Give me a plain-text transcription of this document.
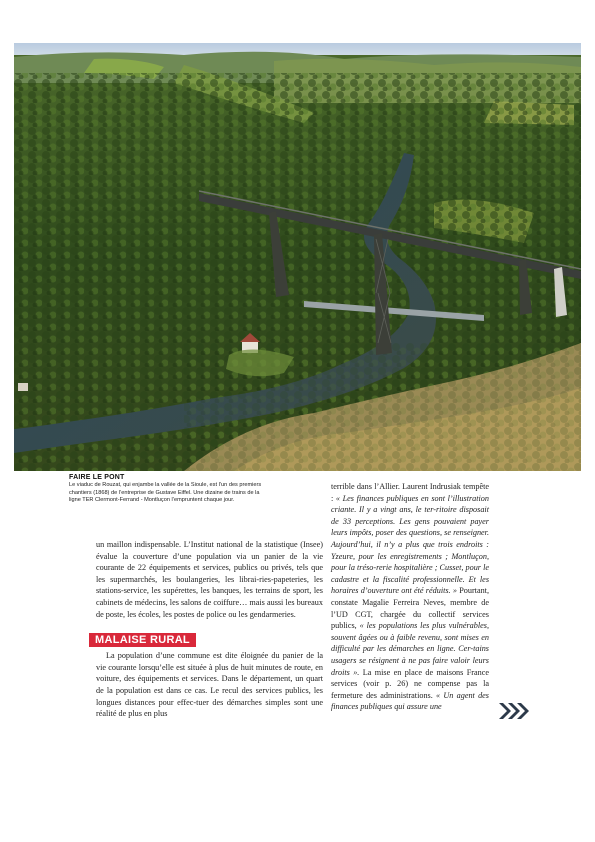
FAIRE LE PONT
Le viaduc de Rouzat, qui enjambe la vallée de la Sioule, est l’un des premiers chantiers (1868) de l’entreprise de Gustave Eiffel. Une dizaine de trains de la ligne TER Clermont-Ferrand - Montluçon l’empruntent chaque jour.

un maillon indispensable. L’Institut national de la statistique (Insee) évalue la couverture d’une population via un panier de la vie courante de 22 équipements et services, publics ou privés, tels que les supermarchés, les boulangeries, les librai-ries-papeteries, les stations-service, les supérettes, les banques, les terrains de sport, les cabinets de médecins, les salons de coiffure… mais aussi les bureaux de poste, les écoles, les postes de police ou les gendarmeries.

MALAISE RURAL

La population d’une commune est dite éloignée du panier de la vie courante lorsqu’elle est située à plus de huit minutes de route, en voiture, des équipements et services. Dans le département, un quart de la population est dans ce cas. Le recul des services publics, les longues distances pour effec-tuer des démarches simples sont une réalité de plus en plus

terrible dans l’Allier. Laurent Indrusiak tempête : « Les finances publiques en sont l’illustration criante. Il y a vingt ans, le ter-ritoire disposait de 33 perceptions. Les gens pouvaient payer leurs impôts, poser des questions, se renseigner. Aujourd’hui, il n’y a plus que trois endroits : Yzeure, pour les enregistrements ; Montluçon, pour la tréso-rerie hospitalière ; Cusset, pour le cadastre et la fiscalité professionnelle. Et les horaires d’ouverture ont été réduits. » Pourtant, constate Magalie Ferreira Neves, membre de l’UD CGT, chargée du collectif services publics, « les populations les plus vulnérables, souvent âgées ou à faible revenu, sont mises en difficulté par les démarches en ligne. Cer-tains usagers se résignent à ne pas faire valoir leurs droits ». La mise en place de maisons France services (voir p. 26) ne compense pas la fermeture des administrations. « Un agent des finances publiques qui assure une
